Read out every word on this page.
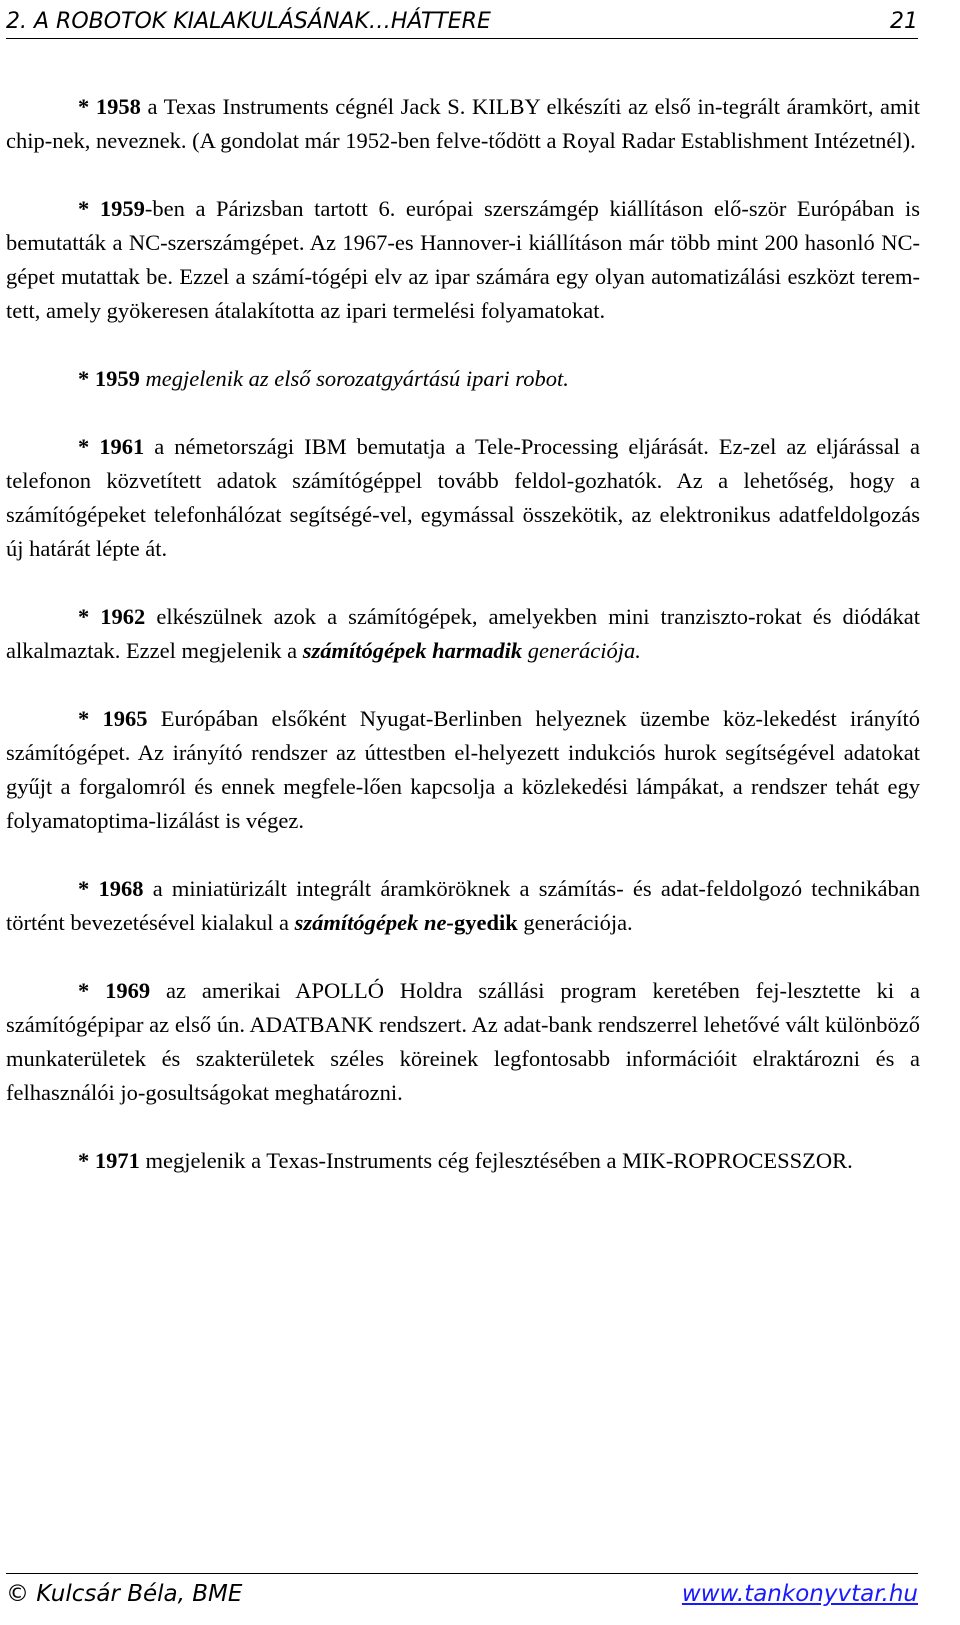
2. A ROBOTOK KIALAKULÁSÁNAK…HÁTTERE	21

* 1958 a Texas Instruments cégnél Jack S. KILBY elkészíti az első in-tegrált áramkört, amit chip-nek, neveznek. (A gondolat már 1952-ben felve-tődött a Royal Radar Establishment Intézetnél).

* 1959-ben a Párizsban tartott 6. európai szerszámgép kiállításon elő-ször Európában is bemutatták a NC-szerszámgépet. Az 1967-es Hannover-i kiállításon már több mint 200 hasonló NC-gépet mutattak be. Ezzel a számí-tógépi elv az ipar számára egy olyan automatizálási eszközt terem-tett, amely gyökeresen átalakította az ipari termelési folyamatokat.

* 1959 megjelenik az első sorozatgyártású ipari robot.

* 1961 a németországi IBM bemutatja a Tele-Processing eljárását. Ez-zel az eljárással a telefonon közvetített adatok számítógéppel tovább feldol-gozhatók. Az a lehetőség, hogy a számítógépeket telefonhálózat segítségé-vel, egymással összekötik, az elektronikus adatfeldolgozás új határát lépte át.

* 1962 elkészülnek azok a számítógépek, amelyekben mini tranziszto-rokat és diódákat alkalmaztak. Ezzel megjelenik a számítógépek harmadik generációja.

* 1965 Európában elsőként Nyugat-Berlinben helyeznek üzembe köz-lekedést irányító számítógépet. Az irányító rendszer az úttestben el-helyezett indukciós hurok segítségével adatokat gyűjt a forgalomról és ennek megfele-lően kapcsolja a közlekedési lámpákat, a rendszer tehát egy folyamatoptima-lizálást is végez.

* 1968 a miniatürizált integrált áramköröknek a számítás- és adat-feldolgozó technikában történt bevezetésével kialakul a számítógépek ne-gyedik generációja.

* 1969 az amerikai APOLLÓ Holdra szállási program keretében fej-lesztette ki a számítógépipar az első ún. ADATBANK rendszert. Az adat-bank rendszerrel lehetővé vált különböző munkaterületek és szakterületek széles köreinek legfontosabb információit elraktározni és a felhasználói jo-gosultságokat meghatározni.

* 1971 megjelenik a Texas-Instruments cég fejlesztésében a MIK-ROPROCESSZOR.

© Kulcsár Béla, BME	www.tankonyvtar.hu
